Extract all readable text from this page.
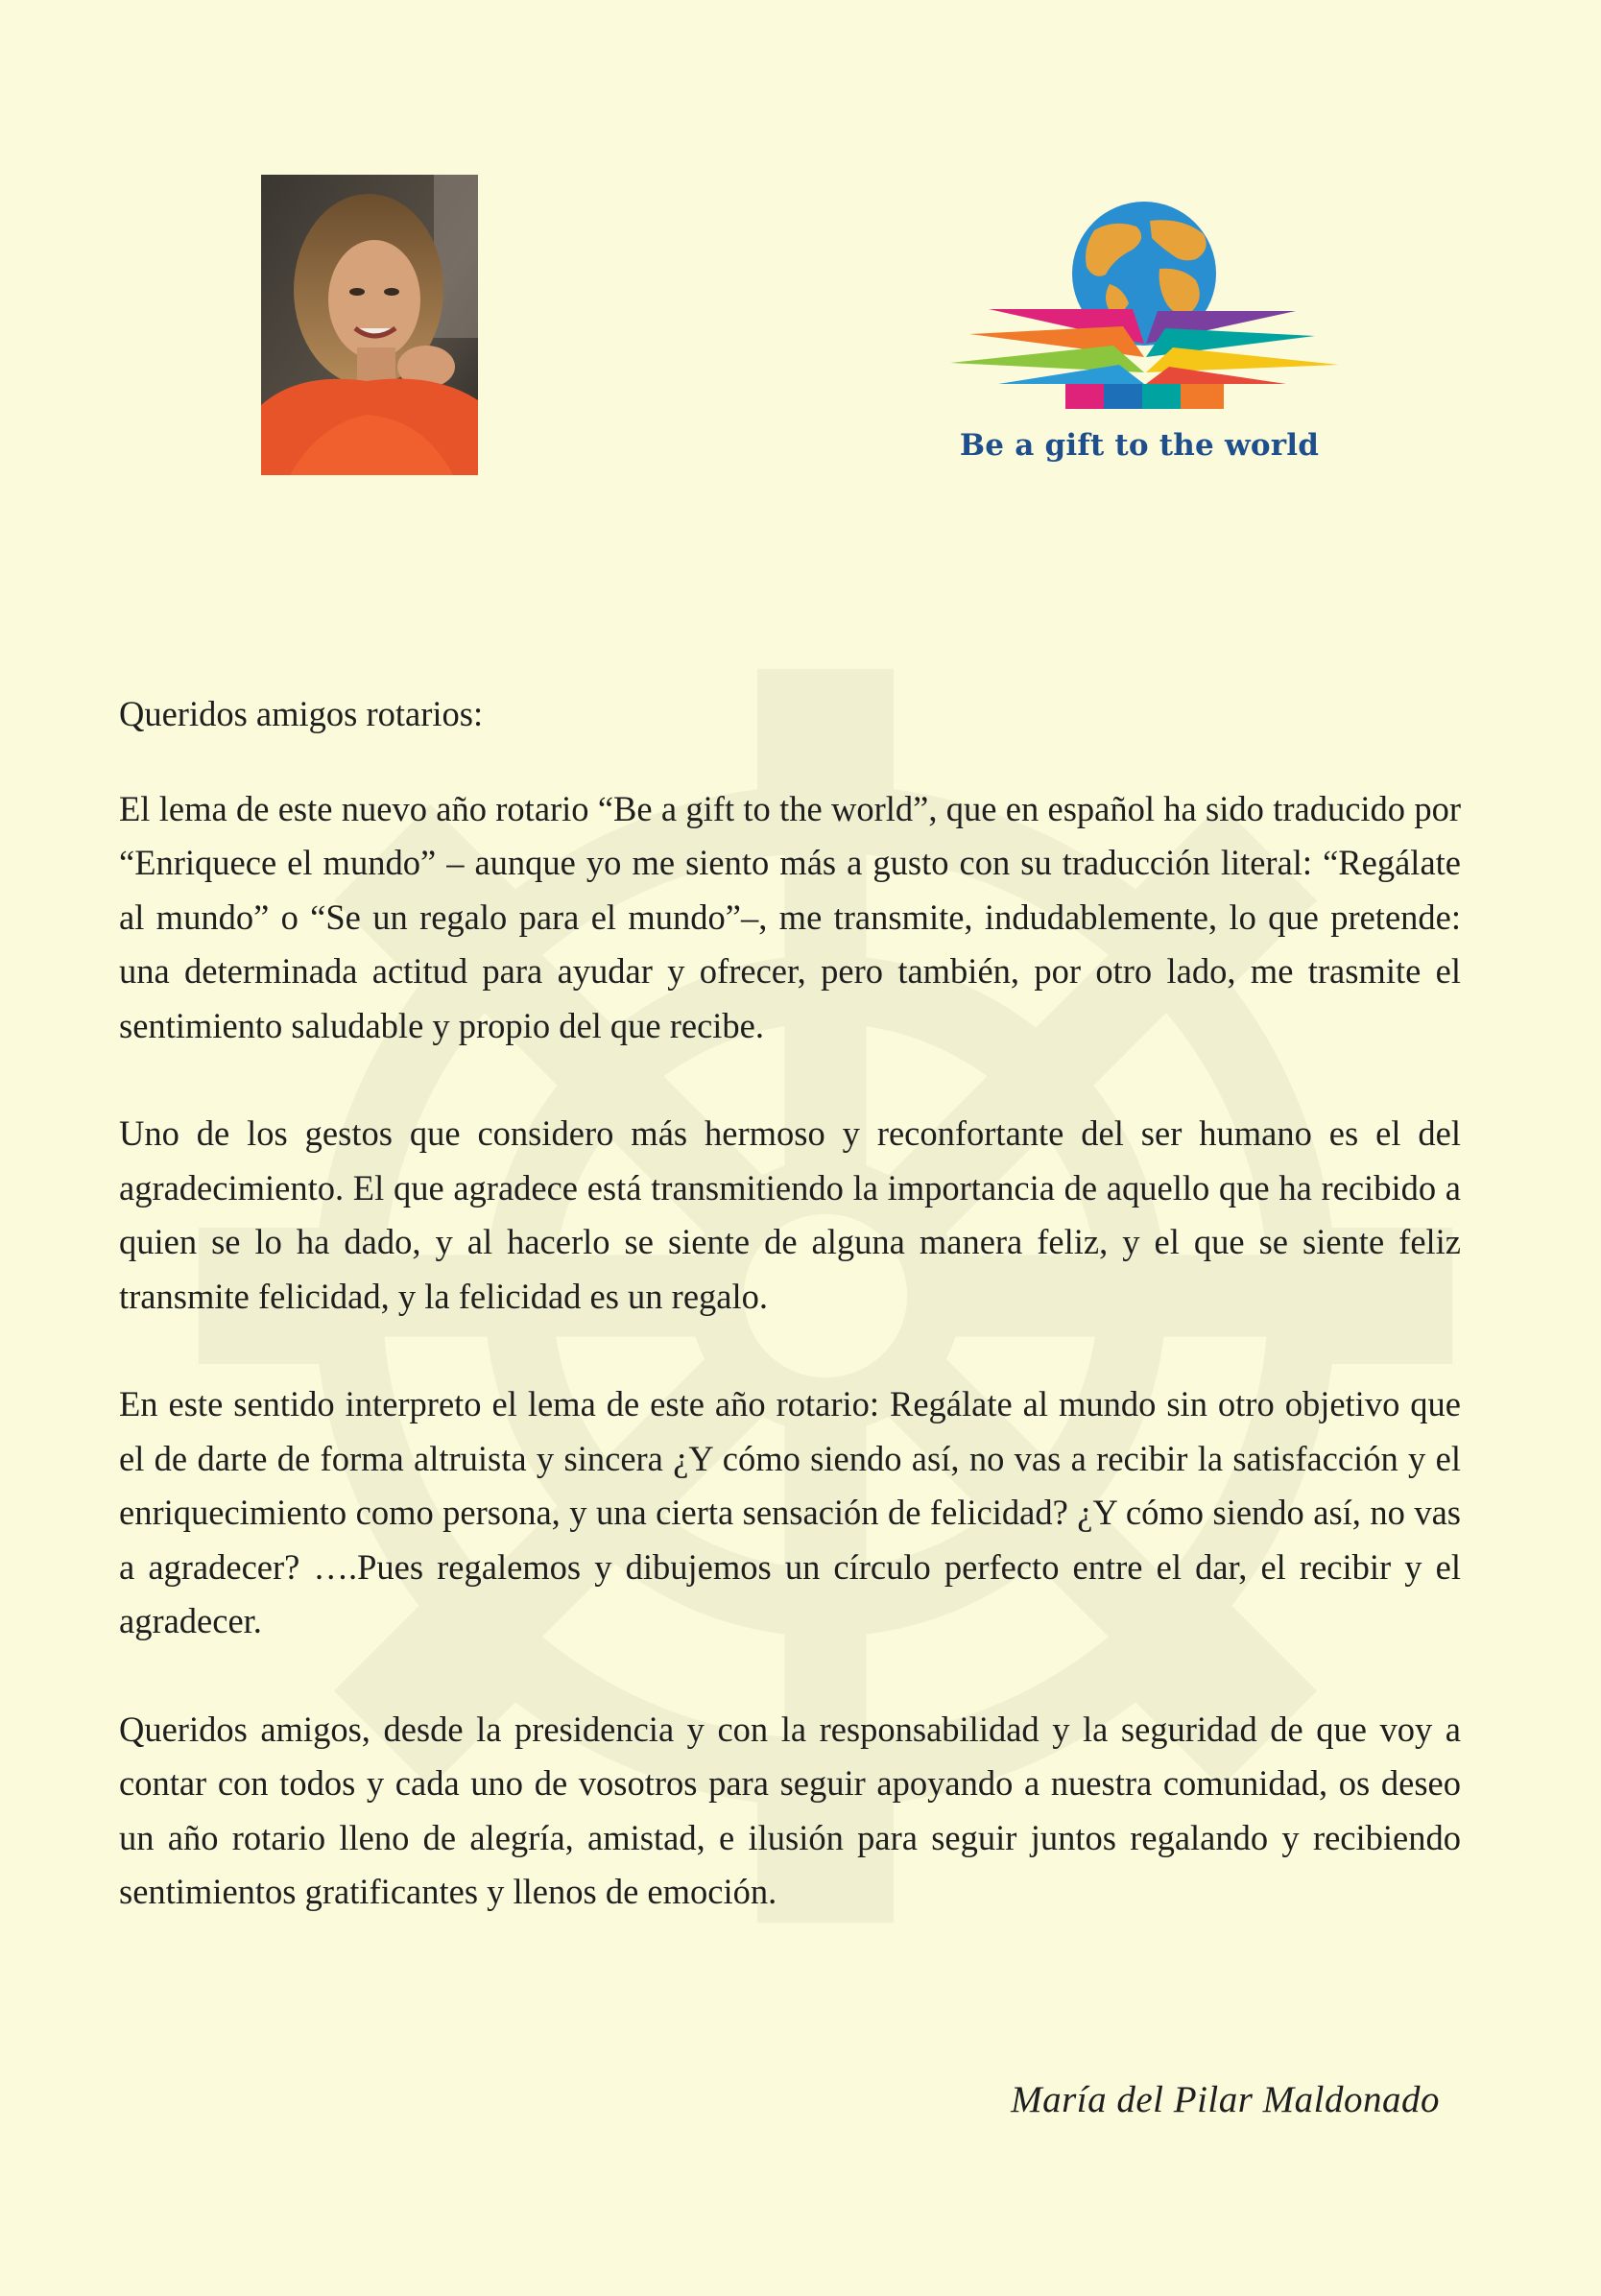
Be a gift to the world

Queridos amigos rotarios:

El lema de este nuevo año rotario “Be a gift to the world”, que en español ha sido traducido por “Enriquece el mundo” – aunque yo me siento más a gusto con su traducción literal: “Regálate al mundo” o “Se un regalo para el mundo”–, me transmite, indudablemente, lo que pretende: una determinada actitud para ayudar y ofrecer, pero también, por otro lado, me trasmite el sentimiento saludable y propio del que recibe.

Uno de los gestos que considero más hermoso y reconfortante del ser humano es el del agradecimiento. El que agradece está transmitiendo la importancia de aquello que ha recibido a quien se lo ha dado, y al hacerlo se siente de alguna manera feliz, y el que se siente feliz transmite felicidad, y la felicidad es un regalo.

En este sentido interpreto el lema de este año rotario: Regálate al mundo sin otro objetivo que el de darte de forma altruista y sincera ¿Y cómo siendo así, no vas a recibir la satisfacción y el enriquecimiento como persona, y una cierta sensación de felicidad? ¿Y cómo siendo así, no vas a agradecer? ….Pues regalemos y dibujemos un círculo perfecto entre el dar, el recibir y el agradecer.

Queridos amigos, desde la presidencia y con la responsabilidad y la seguridad de que voy a contar con todos y cada uno de vosotros para seguir apoyando a nuestra comunidad, os deseo un año rotario lleno de alegría, amistad, e ilusión para seguir juntos regalando y recibiendo sentimientos gratificantes y llenos de emoción.

María del Pilar Maldonado
